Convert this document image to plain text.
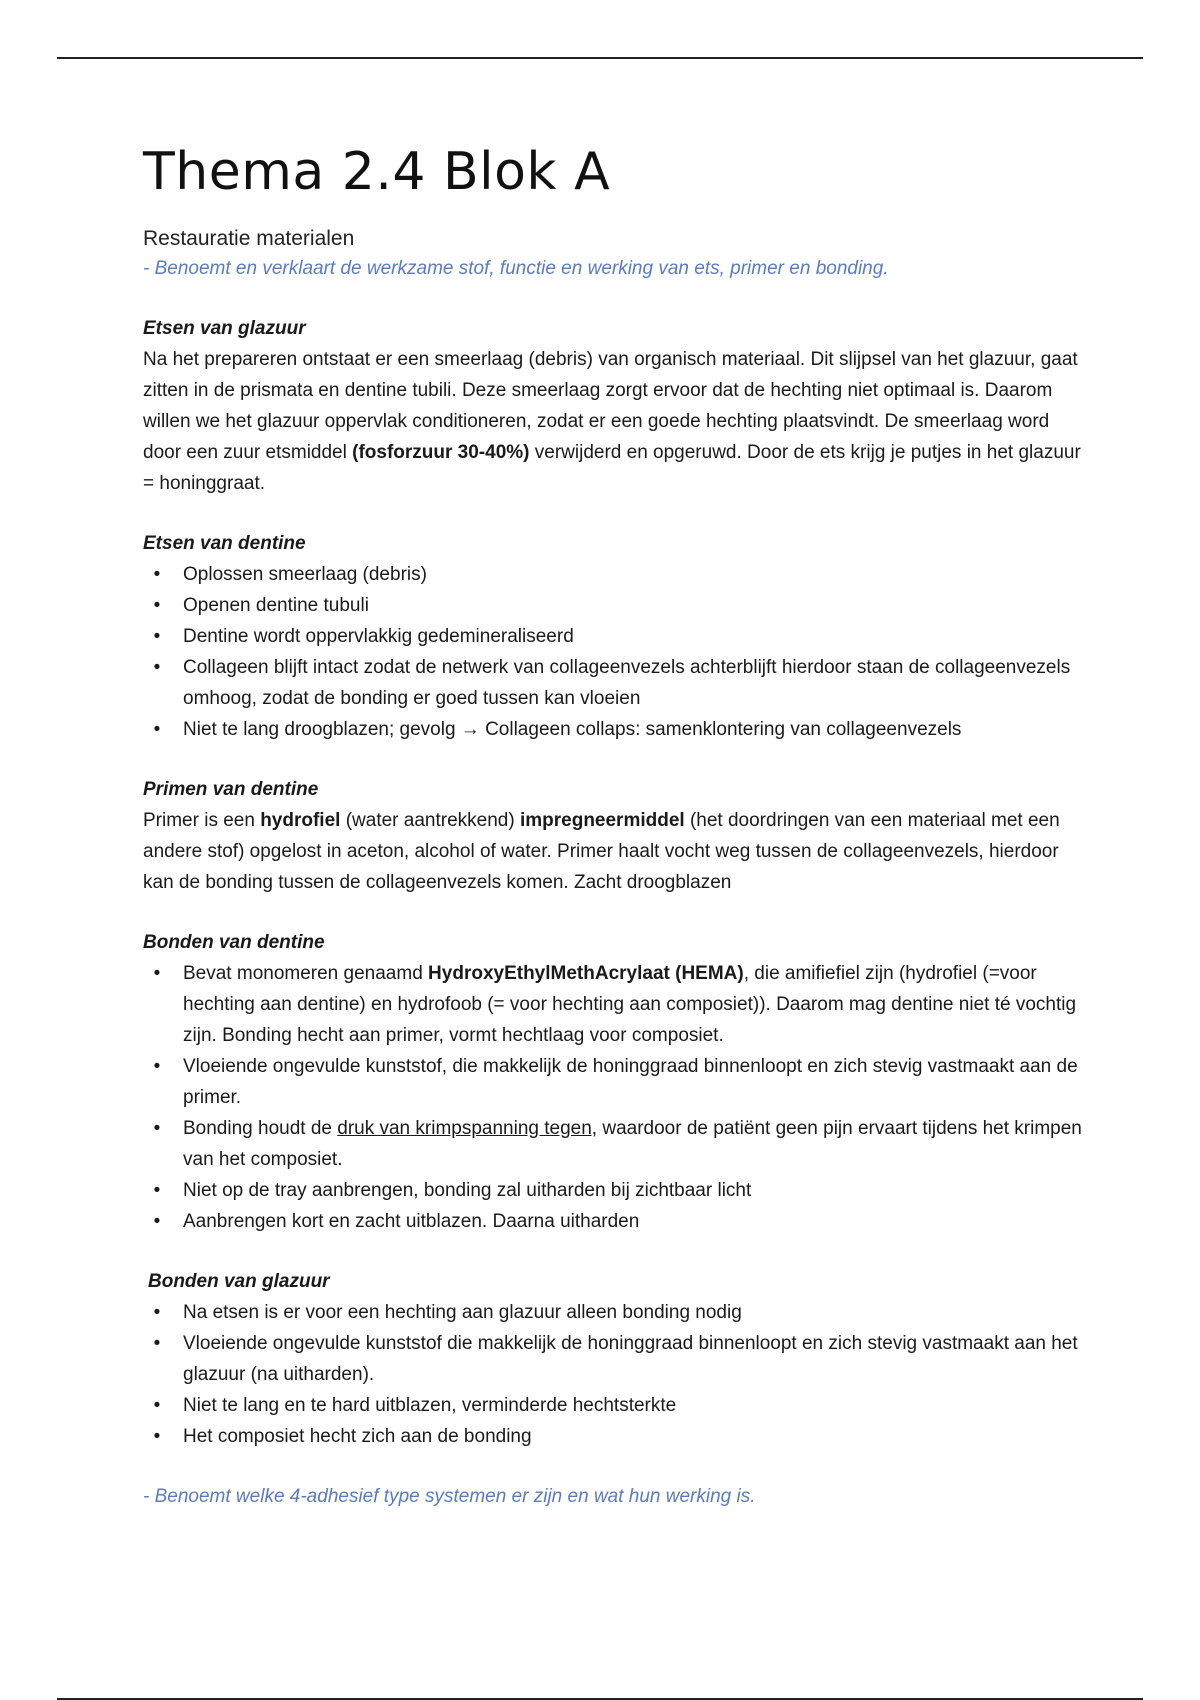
Thema 2.4 Blok A

Restauratie materialen

- Benoemt en verklaart de werkzame stof, functie en werking van ets, primer en bonding.

Etsen van glazuur

Na het prepareren ontstaat er een smeerlaag (debris) van organisch materiaal. Dit slijpsel van het glazuur, gaat zitten in de prismata en dentine tubili. Deze smeerlaag zorgt ervoor dat de hechting niet optimaal is. Daarom willen we het glazuur oppervlak conditioneren, zodat er een goede hechting plaatsvindt. De smeerlaag word door een zuur etsmiddel (fosforzuur 30-40%) verwijderd en opgeruwd. Door de ets krijg je putjes in het glazuur = honinggraat.

Etsen van dentine

• Oplossen smeerlaag (debris)
• Openen dentine tubuli
• Dentine wordt oppervlakkig gedemineraliseerd
• Collageen blijft intact zodat de netwerk van collageenvezels achterblijft hierdoor staan de collageenvezels omhoog, zodat de bonding er goed tussen kan vloeien
• Niet te lang droogblazen; gevolg → Collageen collaps: samenklontering van collageenvezels

Primen van dentine

Primer is een hydrofiel (water aantrekkend) impregneermiddel (het doordringen van een materiaal met een andere stof) opgelost in aceton, alcohol of water. Primer haalt vocht weg tussen de collageenvezels, hierdoor kan de bonding tussen de collageenvezels komen. Zacht droogblazen

Bonden van dentine

• Bevat monomeren genaamd HydroxyEthylMethAcrylaat (HEMA), die amifiefiel zijn (hydrofiel (=voor hechting aan dentine) en hydrofoob (= voor hechting aan composiet)). Daarom mag dentine niet té vochtig zijn. Bonding hecht aan primer, vormt hechtlaag voor composiet.
• Vloeiende ongevulde kunststof, die makkelijk de honinggraad binnenloopt en zich stevig vastmaakt aan de primer.
• Bonding houdt de druk van krimpspanning tegen, waardoor de patiënt geen pijn ervaart tijdens het krimpen van het composiet.
• Niet op de tray aanbrengen, bonding zal uitharden bij zichtbaar licht
• Aanbrengen kort en zacht uitblazen. Daarna uitharden

Bonden van glazuur

• Na etsen is er voor een hechting aan glazuur alleen bonding nodig
• Vloeiende ongevulde kunststof die makkelijk de honinggraad binnenloopt en zich stevig vastmaakt aan het glazuur (na uitharden).
• Niet te lang en te hard uitblazen, verminderde hechtsterkte
• Het composiet hecht zich aan de bonding

- Benoemt welke 4-adhesief type systemen er zijn en wat hun werking is.
